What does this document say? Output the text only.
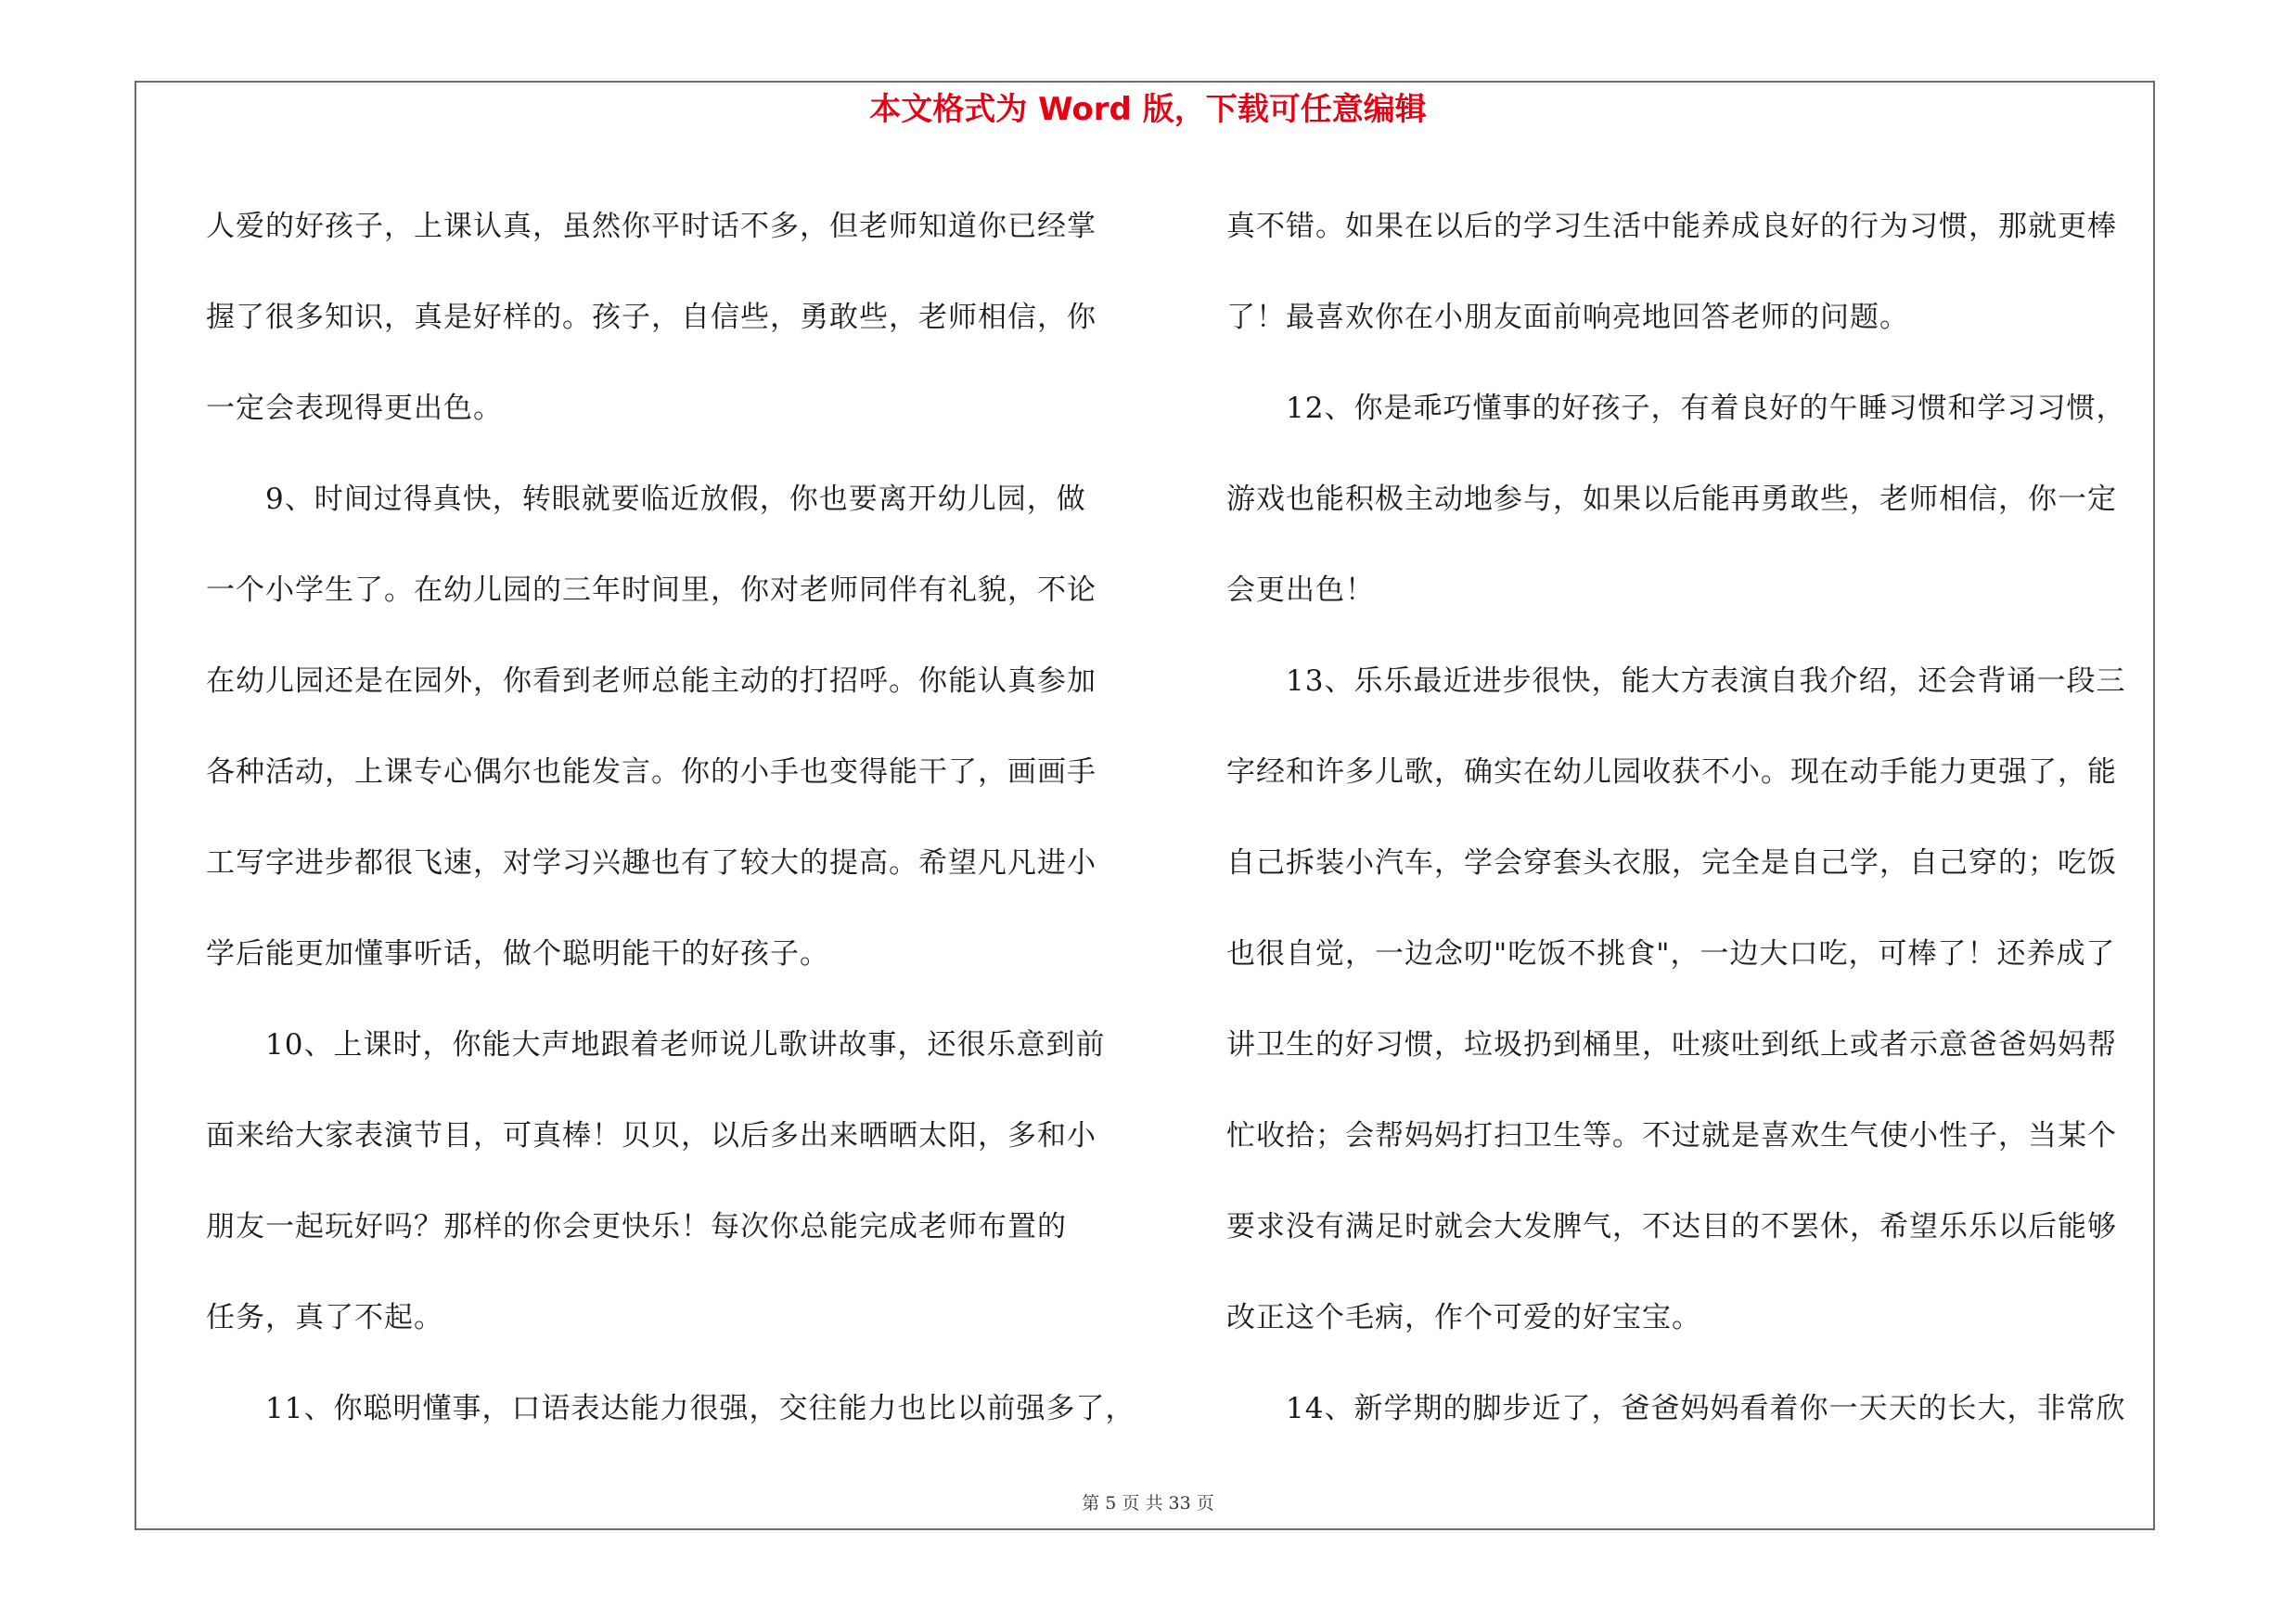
本文格式为 Word 版，下载可任意编辑
人爱的好孩子，上课认真，虽然你平时话不多，但老师知道你已经掌
握了很多知识，真是好样的。孩子，自信些，勇敢些，老师相信，你
一定会表现得更出色。
9、时间过得真快，转眼就要临近放假，你也要离开幼儿园，做
一个小学生了。在幼儿园的三年时间里，你对老师同伴有礼貌，不论
在幼儿园还是在园外，你看到老师总能主动的打招呼。你能认真参加
各种活动，上课专心偶尔也能发言。你的小手也变得能干了，画画手
工写字进步都很飞速，对学习兴趣也有了较大的提高。希望凡凡进小
学后能更加懂事听话，做个聪明能干的好孩子。
10、上课时，你能大声地跟着老师说儿歌讲故事，还很乐意到前
面来给大家表演节目，可真棒！贝贝，以后多出来晒晒太阳，多和小
朋友一起玩好吗？那样的你会更快乐！每次你总能完成老师布置的
任务，真了不起。
11、你聪明懂事，口语表达能力很强，交往能力也比以前强多了，
真不错。如果在以后的学习生活中能养成良好的行为习惯，那就更棒
了！最喜欢你在小朋友面前响亮地回答老师的问题。
12、你是乖巧懂事的好孩子，有着良好的午睡习惯和学习习惯，
游戏也能积极主动地参与，如果以后能再勇敢些，老师相信，你一定
会更出色！
13、乐乐最近进步很快，能大方表演自我介绍，还会背诵一段三
字经和许多儿歌，确实在幼儿园收获不小。现在动手能力更强了，能
自己拆装小汽车，学会穿套头衣服，完全是自己学，自己穿的；吃饭
也很自觉，一边念叨"吃饭不挑食"，一边大口吃，可棒了！还养成了
讲卫生的好习惯，垃圾扔到桶里，吐痰吐到纸上或者示意爸爸妈妈帮
忙收拾；会帮妈妈打扫卫生等。不过就是喜欢生气使小性子，当某个
要求没有满足时就会大发脾气，不达目的不罢休，希望乐乐以后能够
改正这个毛病，作个可爱的好宝宝。
14、新学期的脚步近了，爸爸妈妈看着你一天天的长大，非常欣
第 5 页 共 33 页
